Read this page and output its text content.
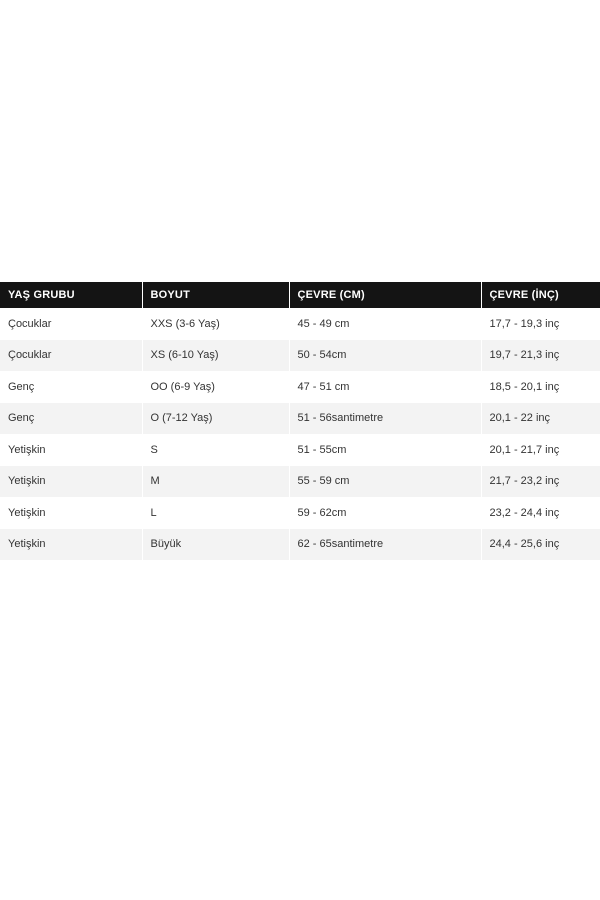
YAŞ GRUBU	BOYUT	ÇEVRE (CM)	ÇEVRE (İNÇ)
Çocuklar	XXS (3-6 Yaş)	45 - 49 cm	17,7 - 19,3 inç
Çocuklar	XS (6-10 Yaş)	50 - 54cm	19,7 - 21,3 inç
Genç	OO (6-9 Yaş)	47 - 51 cm	18,5 - 20,1 inç
Genç	O (7-12 Yaş)	51 - 56santimetre	20,1 - 22 inç
Yetişkin	S	51 - 55cm	20,1 - 21,7 inç
Yetişkin	M	55 - 59 cm	21,7 - 23,2 inç
Yetişkin	L	59 - 62cm	23,2 - 24,4 inç
Yetişkin	Büyük	62 - 65santimetre	24,4 - 25,6 inç
